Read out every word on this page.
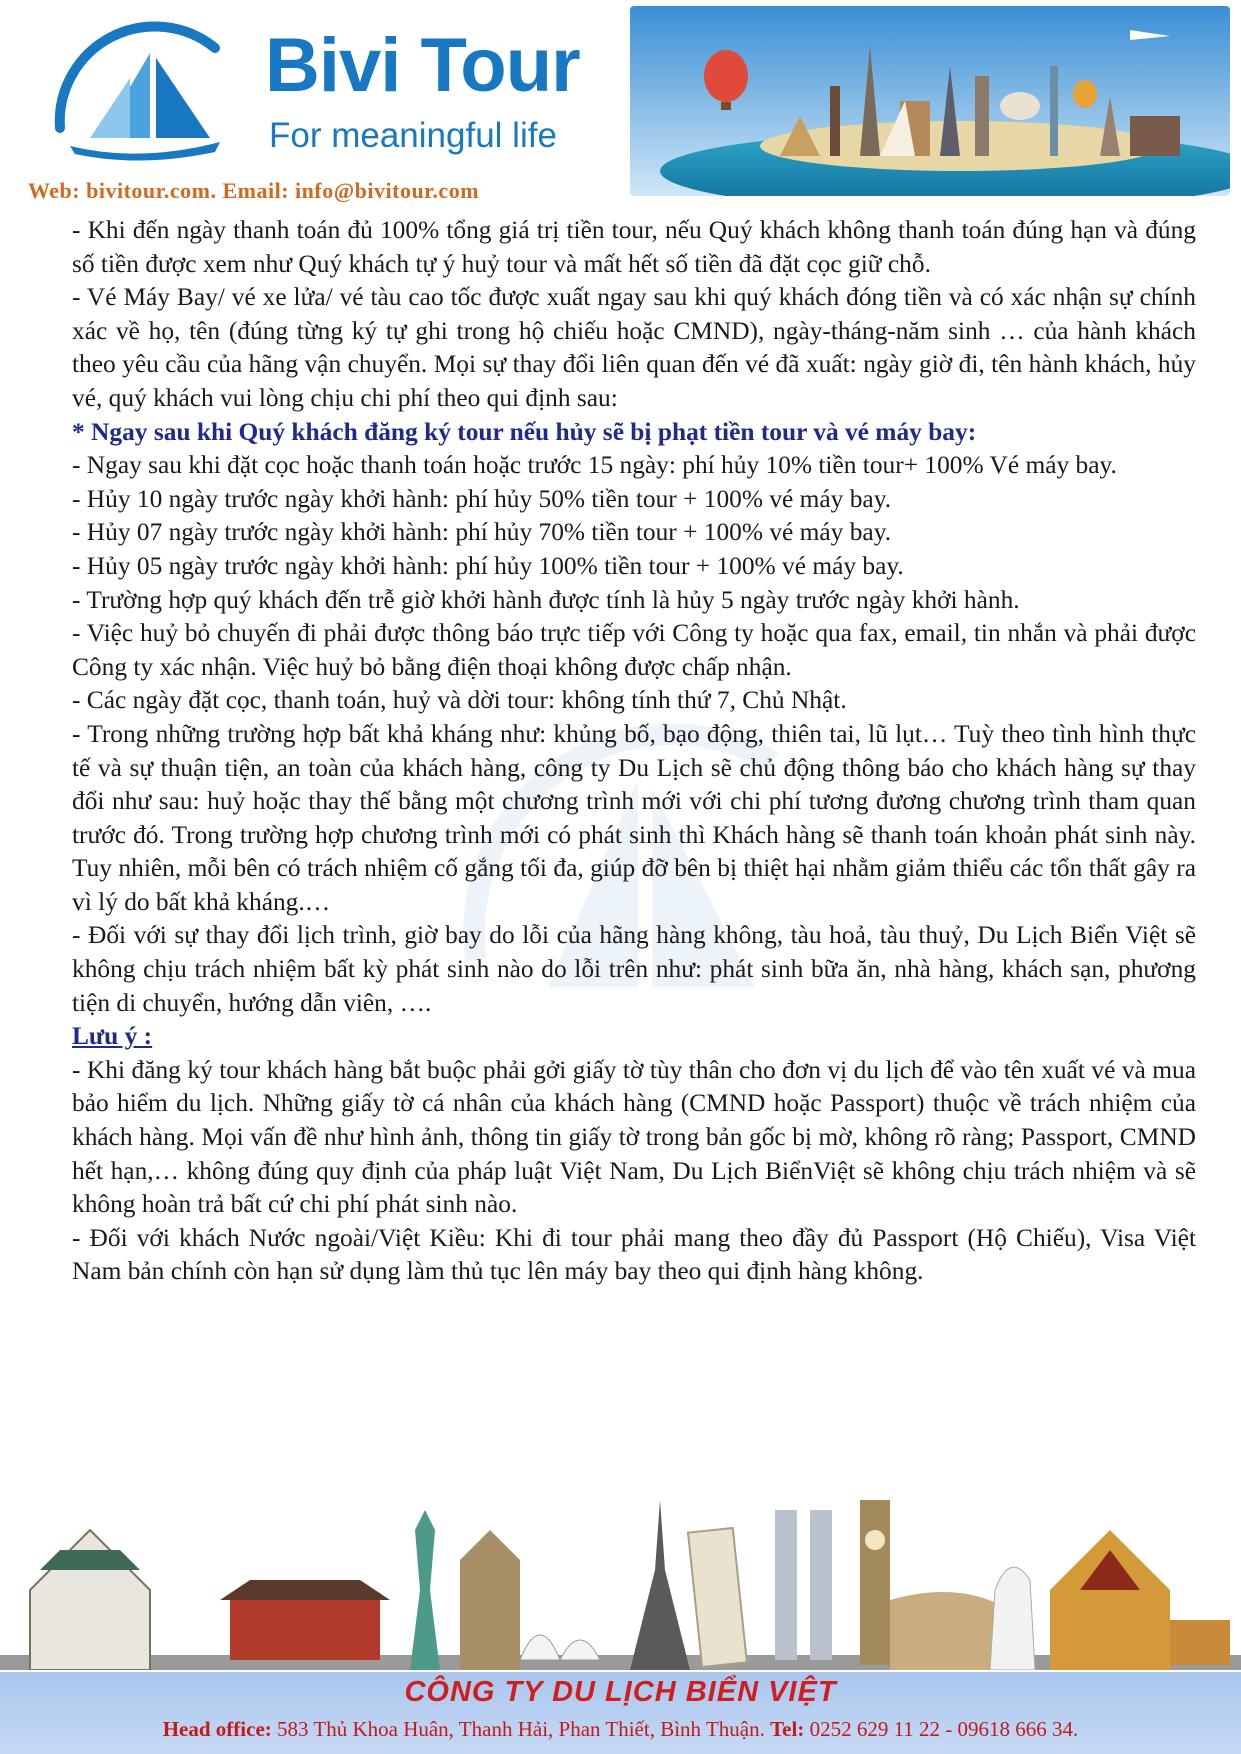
Bivi Tour
For meaningful life
Web: bivitour.com. Email: info@bivitour.com

- Khi đến ngày thanh toán đủ 100% tổng giá trị tiền tour, nếu Quý khách không thanh toán đúng hạn và đúng số tiền được xem như Quý khách tự ý huỷ tour và mất hết số tiền đã đặt cọc giữ chỗ.

- Vé Máy Bay/ vé xe lửa/ vé tàu cao tốc được xuất ngay sau khi quý khách đóng tiền và có xác nhận sự chính xác về họ, tên (đúng từng ký tự ghi trong hộ chiếu hoặc CMND), ngày-tháng-năm sinh … của hành khách theo yêu cầu của hãng vận chuyển. Mọi sự thay đổi liên quan đến vé đã xuất: ngày giờ đi, tên hành khách, hủy vé, quý khách vui lòng chịu chi phí theo qui định sau:

* Ngay sau khi Quý khách đăng ký tour nếu hủy sẽ bị phạt tiền tour và vé máy bay:

- Ngay sau khi đặt cọc hoặc thanh toán hoặc trước 15 ngày: phí hủy 10% tiền tour+ 100% Vé máy bay.

- Hủy 10 ngày trước ngày khởi hành: phí hủy 50% tiền tour + 100% vé máy bay.

- Hủy 07 ngày trước ngày khởi hành: phí hủy 70% tiền tour + 100% vé máy bay.

- Hủy 05 ngày trước ngày khởi hành: phí hủy 100% tiền tour + 100% vé máy bay.

- Trường hợp quý khách đến trễ giờ khởi hành được tính là hủy 5 ngày trước ngày khởi hành.

- Việc huỷ bỏ chuyến đi phải được thông báo trực tiếp với Công ty hoặc qua fax, email, tin nhắn và phải được Công ty xác nhận. Việc huỷ bỏ bằng điện thoại không được chấp nhận.

- Các ngày đặt cọc, thanh toán, huỷ và dời tour: không tính thứ 7, Chủ Nhật.

- Trong những trường hợp bất khả kháng như: khủng bố, bạo động, thiên tai, lũ lụt… Tuỳ theo tình hình thực tế và sự thuận tiện, an toàn của khách hàng, công ty Du Lịch sẽ chủ động thông báo cho khách hàng sự thay đổi như sau: huỷ hoặc thay thế bằng một chương trình mới với chi phí tương đương chương trình tham quan trước đó. Trong trường hợp chương trình mới có phát sinh thì Khách hàng sẽ thanh toán khoản phát sinh này. Tuy nhiên, mỗi bên có trách nhiệm cố gắng tối đa, giúp đỡ bên bị thiệt hại nhằm giảm thiểu các tổn thất gây ra vì lý do bất khả kháng.…

- Đối với sự thay đổi lịch trình, giờ bay do lỗi của hãng hàng không, tàu hoả, tàu thuỷ, Du Lịch Biển Việt sẽ không chịu trách nhiệm bất kỳ phát sinh nào do lỗi trên như: phát sinh bữa ăn, nhà hàng, khách sạn, phương tiện di chuyển, hướng dẫn viên, ….

Lưu ý :

- Khi đăng ký tour khách hàng bắt buộc phải gởi giấy tờ tùy thân cho đơn vị du lịch để vào tên xuất vé và mua bảo hiểm du lịch. Những giấy tờ cá nhân của khách hàng (CMND hoặc Passport) thuộc về trách nhiệm của khách hàng. Mọi vấn đề như hình ảnh, thông tin giấy tờ trong bản gốc bị mờ, không rõ ràng; Passport, CMND hết hạn,… không đúng quy định của pháp luật Việt Nam, Du Lịch BiểnViệt sẽ không chịu trách nhiệm và sẽ không hoàn trả bất cứ chi phí phát sinh nào.

- Đối với khách Nước ngoài/Việt Kiều: Khi đi tour phải mang theo đầy đủ Passport (Hộ Chiếu), Visa Việt Nam bản chính còn hạn sử dụng làm thủ tục lên máy bay theo qui định hàng không.

CÔNG TY DU LỊCH BIỂN VIỆT
Head office: 583 Thủ Khoa Huân, Thanh Hải, Phan Thiết, Bình Thuận. Tel: 0252 629 11 22 - 09618 666 34.
